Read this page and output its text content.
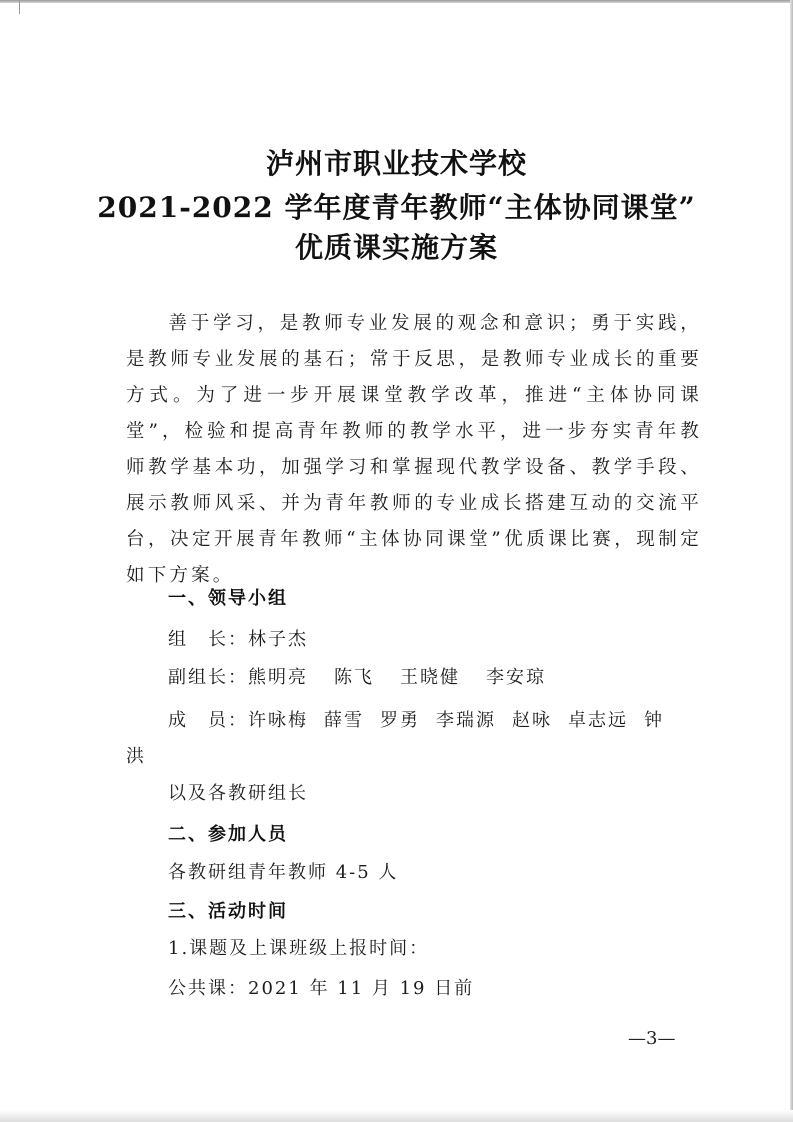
泸州市职业技术学校
2021-2022 学年度青年教师“主体协同课堂”
优质课实施方案
善于学习，是教师专业发展的观念和意识；勇于实践，是教师专业发展的基石；常于反思，是教师专业成长的重要方式。为了进一步开展课堂教学改革，推进“主体协同课堂”，检验和提高青年教师的教学水平，进一步夯实青年教师教学基本功，加强学习和掌握现代教学设备、教学手段、展示教师风采、并为青年教师的专业成长搭建互动的交流平台，决定开展青年教师“主体协同课堂”优质课比赛，现制定如下方案。
一、领导小组
组　长：林子杰
副组长：熊明亮 陈飞 王晓健 李安琼
成　员：许咏梅 薛雪 罗勇 李瑞源 赵咏 卓志远 钟
洪
以及各教研组长
二、参加人员
各教研组青年教师 4-5 人
三、活动时间
1.课题及上课班级上报时间：
公共课：2021 年 11 月 19 日前
—3—
